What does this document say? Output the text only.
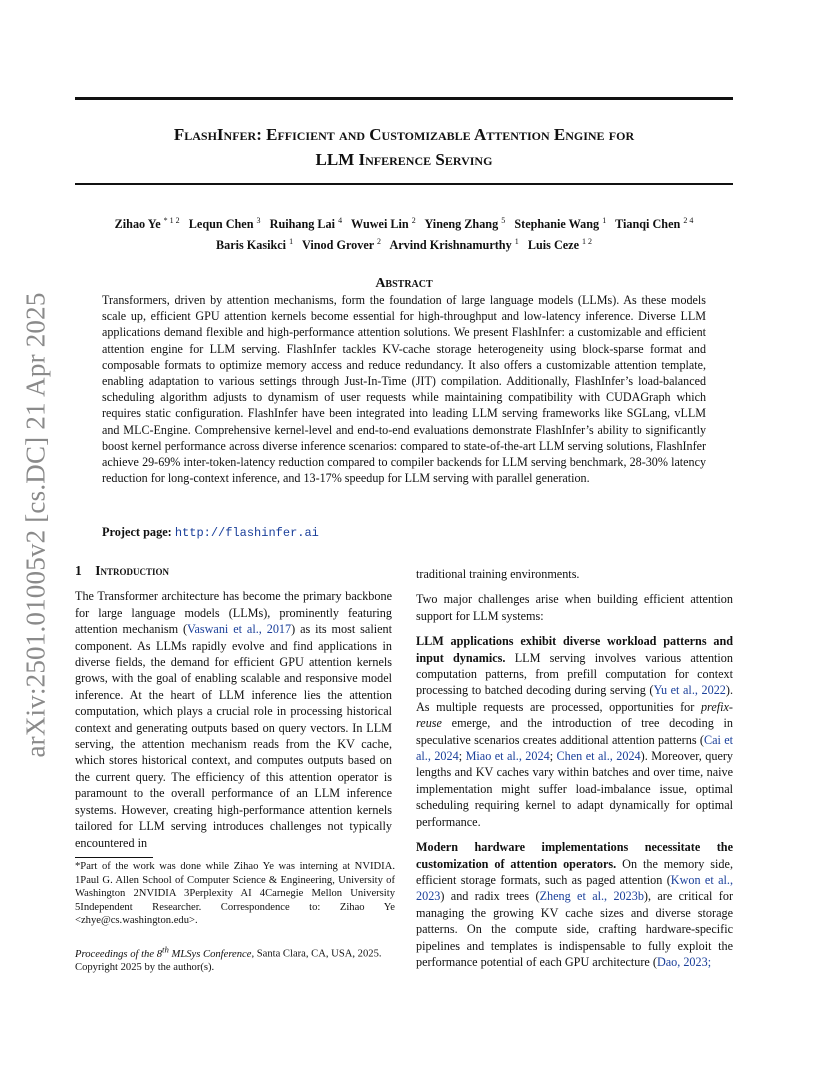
arXiv:2501.01005v2 [cs.DC] 21 Apr 2025
FlashInfer: Efficient and Customizable Attention Engine for
LLM Inference Serving
Zihao Ye $^{* 1 2}$ Lequn Chen $^3$ Ruihang Lai $^4$ Wuwei Lin $^2$ Yineng Zhang $^5$ Stephanie Wang $^1$ Tianqi Chen $^{2 4}$
Baris Kasikci $^1$ Vinod Grover $^2$ Arvind Krishnamurthy $^1$ Luis Ceze $^{1 2}$
Abstract
Transformers, driven by attention mechanisms, form the foundation of large language models (LLMs). As these models scale up, efficient GPU attention kernels become essential for high-throughput and low-latency inference. Diverse LLM applications demand flexible and high-performance attention solutions. We present FlashInfer: a customizable and efficient attention engine for LLM serving. FlashInfer tackles KV-cache storage heterogeneity using block-sparse format and composable formats to optimize memory access and reduce redundancy. It also offers a customizable attention template, enabling adaptation to various settings through Just-In-Time (JIT) compilation. Additionally, FlashInfer’s load-balanced scheduling algorithm adjusts to dynamism of user requests while maintaining compatibility with CUDAGraph which requires static configuration. FlashInfer have been integrated into leading LLM serving frameworks like SGLang, vLLM and MLC-Engine. Comprehensive kernel-level and end-to-end evaluations demonstrate FlashInfer’s ability to significantly boost kernel performance across diverse inference scenarios: compared to state-of-the-art LLM serving solutions, FlashInfer achieve 29-69% inter-token-latency reduction compared to compiler backends for LLM serving benchmark, 28-30% latency reduction for long-context inference, and 13-17% speedup for LLM serving with parallel generation.
Project page: http://flashinfer.ai
1 Introduction

The Transformer architecture has become the primary backbone for large language models (LLMs), prominently featuring attention mechanism (Vaswani et al., 2017) as its most salient component. As LLMs rapidly evolve and find applications in diverse fields, the demand for efficient GPU attention kernels grows, with the goal of enabling scalable and responsive model inference. At the heart of LLM inference lies the attention computation, which plays a crucial role in processing historical context and generating outputs based on query vectors. In LLM serving, the attention mechanism reads from the KV cache, which stores historical context, and computes outputs based on the current query. The efficiency of this attention operator is paramount to the overall performance of an LLM inference systems. However, creating high-performance attention kernels tailored for LLM serving introduces challenges not typically encountered in

*Part of the work was done while Zihao Ye was interning at NVIDIA. 1Paul G. Allen School of Computer Science & Engineering, University of Washington 2NVIDIA 3Perplexity AI 4Carnegie Mellon University 5Independent Researcher. Correspondence to: Zihao Ye <zhye@cs.washington.edu>.
Proceedings of the 8th MLSys Conference, Santa Clara, CA, USA, 2025. Copyright 2025 by the author(s).

traditional training environments.

Two major challenges arise when building efficient attention support for LLM systems:

LLM applications exhibit diverse workload patterns and input dynamics. LLM serving involves various attention computation patterns, from prefill computation for context processing to batched decoding during serving (Yu et al., 2022). As multiple requests are processed, opportunities for prefix-reuse emerge, and the introduction of tree decoding in speculative scenarios creates additional attention patterns (Cai et al., 2024; Miao et al., 2024; Chen et al., 2024). Moreover, query lengths and KV caches vary within batches and over time, naive implementation might suffer load-imbalance issue, optimal scheduling requiring kernel to adapt dynamically for optimal performance.

Modern hardware implementations necessitate the customization of attention operators. On the memory side, efficient storage formats, such as paged attention (Kwon et al., 2023) and radix trees (Zheng et al., 2023b), are critical for managing the growing KV cache sizes and diverse storage patterns. On the compute side, crafting hardware-specific pipelines and templates is indispensable to fully exploit the performance potential of each GPU architecture (Dao, 2023;
